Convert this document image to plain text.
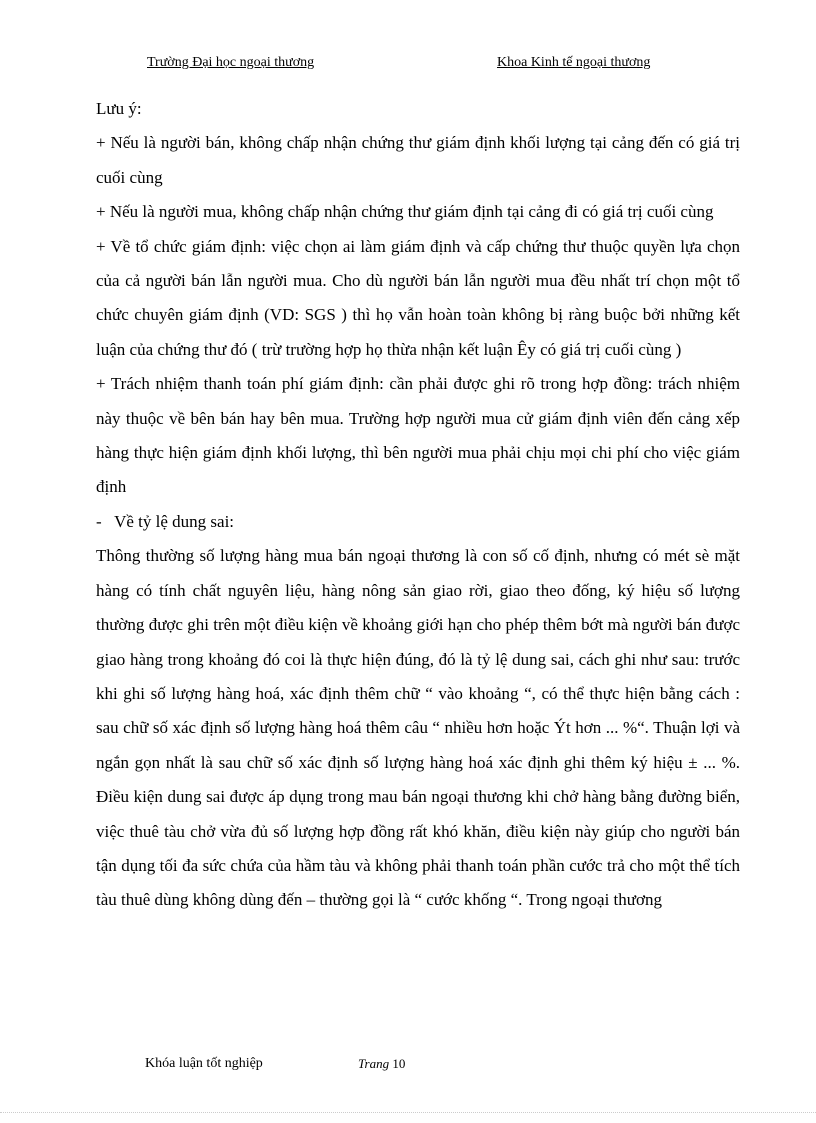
Trường Đại học ngoại thương	Khoa Kinh tế ngoại thương

Lưu ý:

+ Nếu là người bán, không chấp nhận chứng thư giám định khối lượng tại cảng đến có giá trị cuối cùng

+ Nếu là người mua, không chấp nhận chứng thư giám định tại cảng đi có giá trị cuối cùng

+ Về tổ chức giám định: việc chọn ai làm giám định và cấp chứng thư thuộc quyền lựa chọn của cả người bán lẫn người mua. Cho dù người bán lẫn người mua đều nhất trí chọn một tổ chức chuyên giám định (VD: SGS ) thì họ vẫn hoàn toàn không bị ràng buộc bởi những kết luận của chứng thư đó ( trừ trường hợp họ thừa nhận kết luận Êy có giá trị cuối cùng )

+ Trách nhiệm thanh toán phí giám định: cần phải được ghi rõ trong hợp đồng: trách nhiệm này thuộc về bên bán hay bên mua. Trường hợp người mua cử giám định viên đến cảng xếp hàng thực hiện giám định khối lượng, thì bên người mua phải chịu mọi chi phí cho việc giám định

-   Về tỷ lệ dung sai:

Thông thường số lượng hàng mua bán ngoại thương là con số cố định, nhưng có mét sè mặt hàng có tính chất nguyên liệu, hàng nông sản giao rời, giao theo đống, ký hiệu số lượng thường được ghi trên một điều kiện về khoảng giới hạn cho phép thêm bớt mà người bán được giao hàng trong khoảng đó coi là thực hiện đúng, đó là tỷ lệ dung sai, cách ghi như sau: trước khi ghi số lượng hàng hoá, xác định thêm chữ “ vào khoảng “, có thể thực hiện bằng cách : sau chữ số xác định số lượng hàng hoá thêm câu “ nhiều hơn hoặc Ýt hơn ... %“. Thuận lợi và ngắn gọn nhất là sau chữ số xác định số lượng hàng hoá xác định ghi thêm ký hiệu ± ... %. Điều kiện dung sai được áp dụng trong mau bán ngoại thương khi chở hàng bằng đường biển, việc thuê tàu chở vừa đủ số lượng hợp đồng rất khó khăn, điều kiện này giúp cho người bán tận dụng tối đa sức chứa của hầm tàu và không phải thanh toán phần cước trả cho một thể tích tàu thuê dùng không dùng đến – thường gọi là “ cước khống “. Trong ngoại thương

Khóa luận tốt nghiệp	Trang 10
